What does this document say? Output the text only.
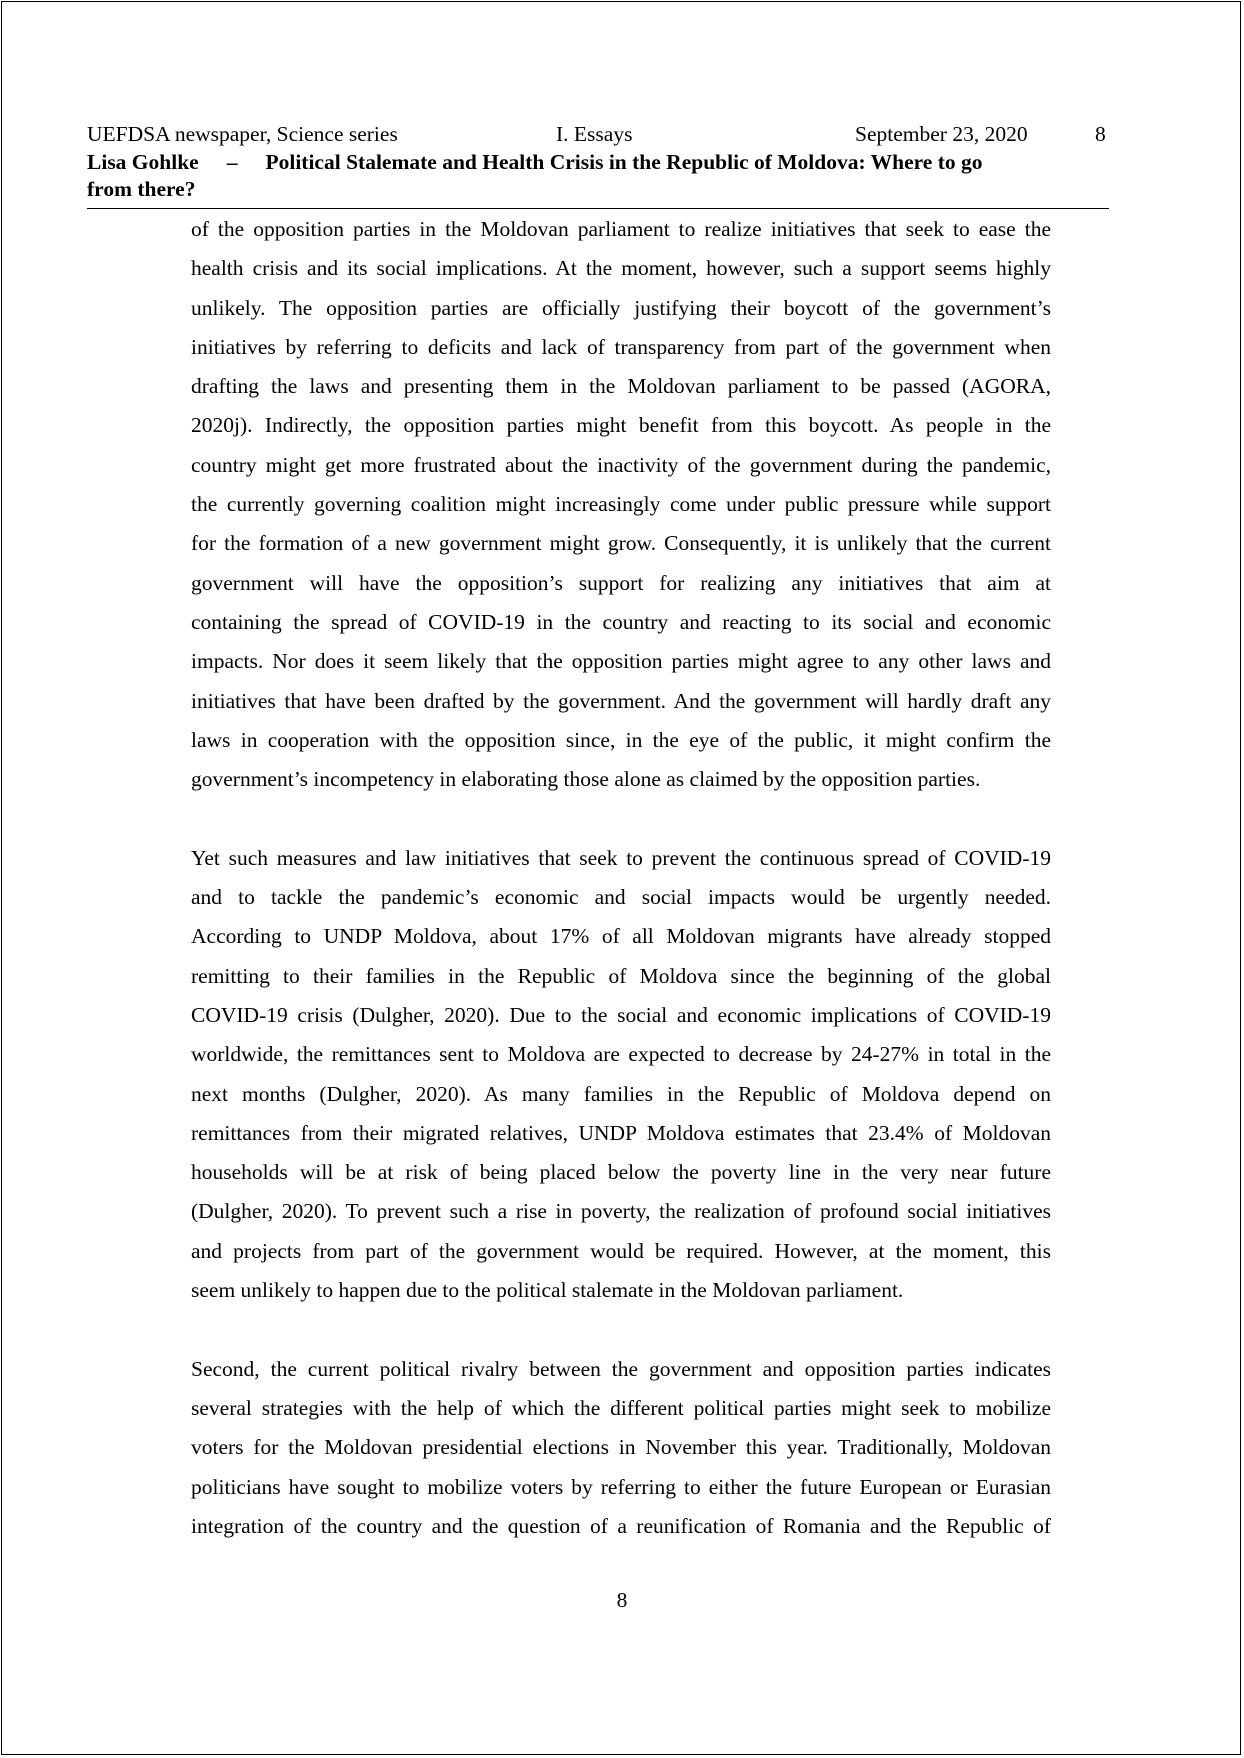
UEFDSA newspaper, Science series	I. Essays	September 23, 2020	8
Lisa Gohlke – Political Stalemate and Health Crisis in the Republic of Moldova: Where to go
from there?
of the opposition parties in the Moldovan parliament to realize initiatives that seek to ease the
health crisis and its social implications. At the moment, however, such a support seems highly
unlikely. The opposition parties are officially justifying their boycott of the government’s
initiatives by referring to deficits and lack of transparency from part of the government when
drafting the laws and presenting them in the Moldovan parliament to be passed (AGORA,
2020j). Indirectly, the opposition parties might benefit from this boycott. As people in the
country might get more frustrated about the inactivity of the government during the pandemic,
the currently governing coalition might increasingly come under public pressure while support
for the formation of a new government might grow. Consequently, it is unlikely that the current
government will have the opposition’s support for realizing any initiatives that aim at
containing the spread of COVID-19 in the country and reacting to its social and economic
impacts. Nor does it seem likely that the opposition parties might agree to any other laws and
initiatives that have been drafted by the government. And the government will hardly draft any
laws in cooperation with the opposition since, in the eye of the public, it might confirm the
government’s incompetency in elaborating those alone as claimed by the opposition parties.
Yet such measures and law initiatives that seek to prevent the continuous spread of COVID-19
and to tackle the pandemic’s economic and social impacts would be urgently needed.
According to UNDP Moldova, about 17% of all Moldovan migrants have already stopped
remitting to their families in the Republic of Moldova since the beginning of the global
COVID-19 crisis (Dulgher, 2020). Due to the social and economic implications of COVID-19
worldwide, the remittances sent to Moldova are expected to decrease by 24-27% in total in the
next months (Dulgher, 2020). As many families in the Republic of Moldova depend on
remittances from their migrated relatives, UNDP Moldova estimates that 23.4% of Moldovan
households will be at risk of being placed below the poverty line in the very near future
(Dulgher, 2020). To prevent such a rise in poverty, the realization of profound social initiatives
and projects from part of the government would be required. However, at the moment, this
seem unlikely to happen due to the political stalemate in the Moldovan parliament.
Second, the current political rivalry between the government and opposition parties indicates
several strategies with the help of which the different political parties might seek to mobilize
voters for the Moldovan presidential elections in November this year. Traditionally, Moldovan
politicians have sought to mobilize voters by referring to either the future European or Eurasian
integration of the country and the question of a reunification of Romania and the Republic of
8
